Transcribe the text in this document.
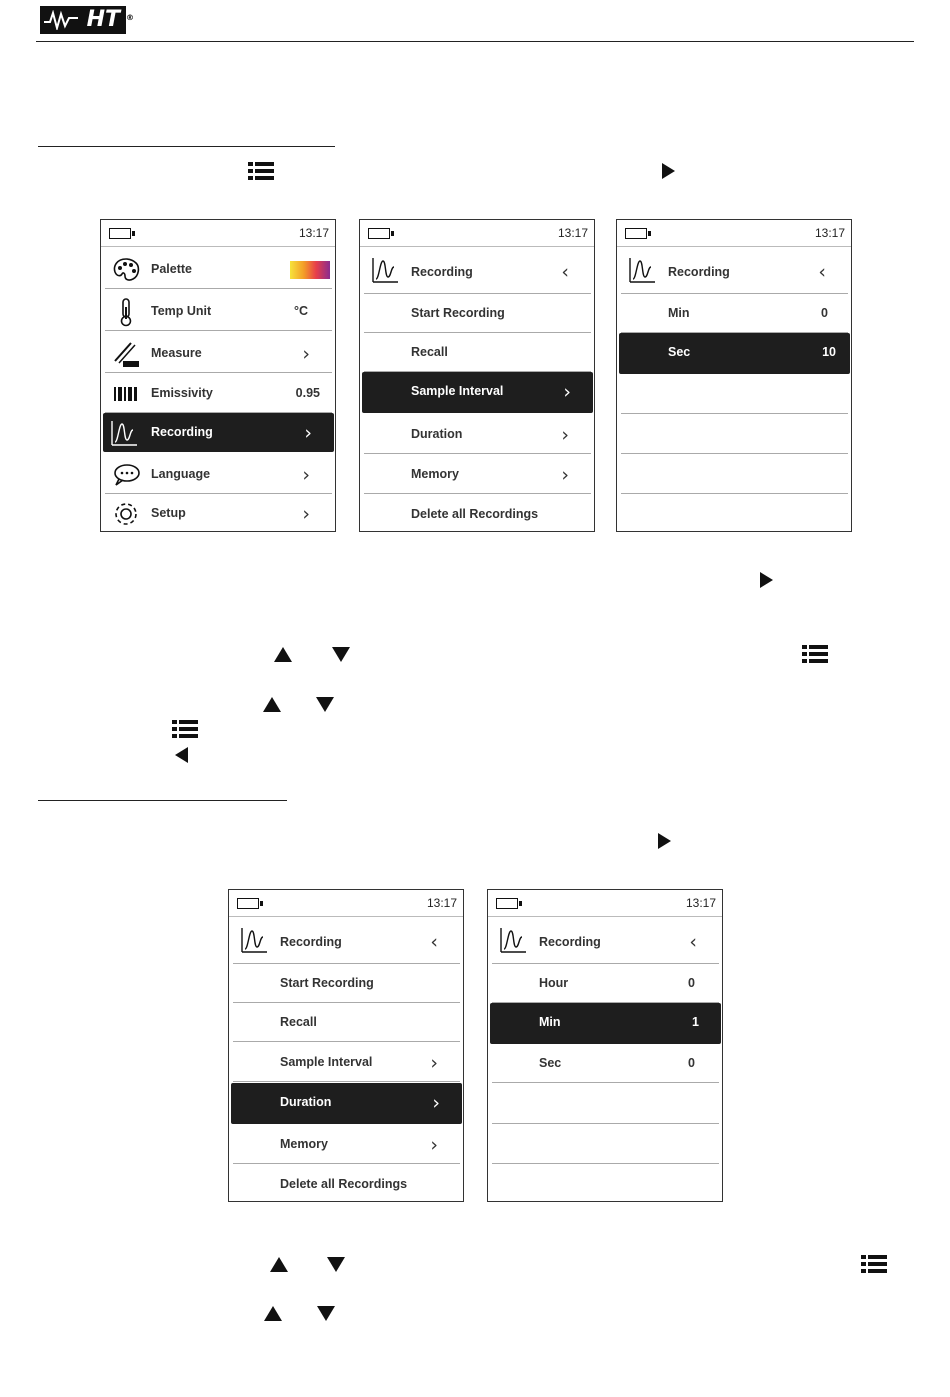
HT ®
13:17
Palette
Temp Unit	°C
Measure	›
Emissivity	0.95
Recording	›
Language	›
Setup	›
13:17
Recording	‹
Start Recording
Recall
Sample Interval	›
Duration	›
Memory	›
Delete all Recordings
13:17
Recording	‹
Min	0
Sec	10
13:17
Recording	‹
Start Recording
Recall
Sample Interval	›
Duration	›
Memory	›
Delete all Recordings
13:17
Recording	‹
Hour	0
Min	1
Sec	0
